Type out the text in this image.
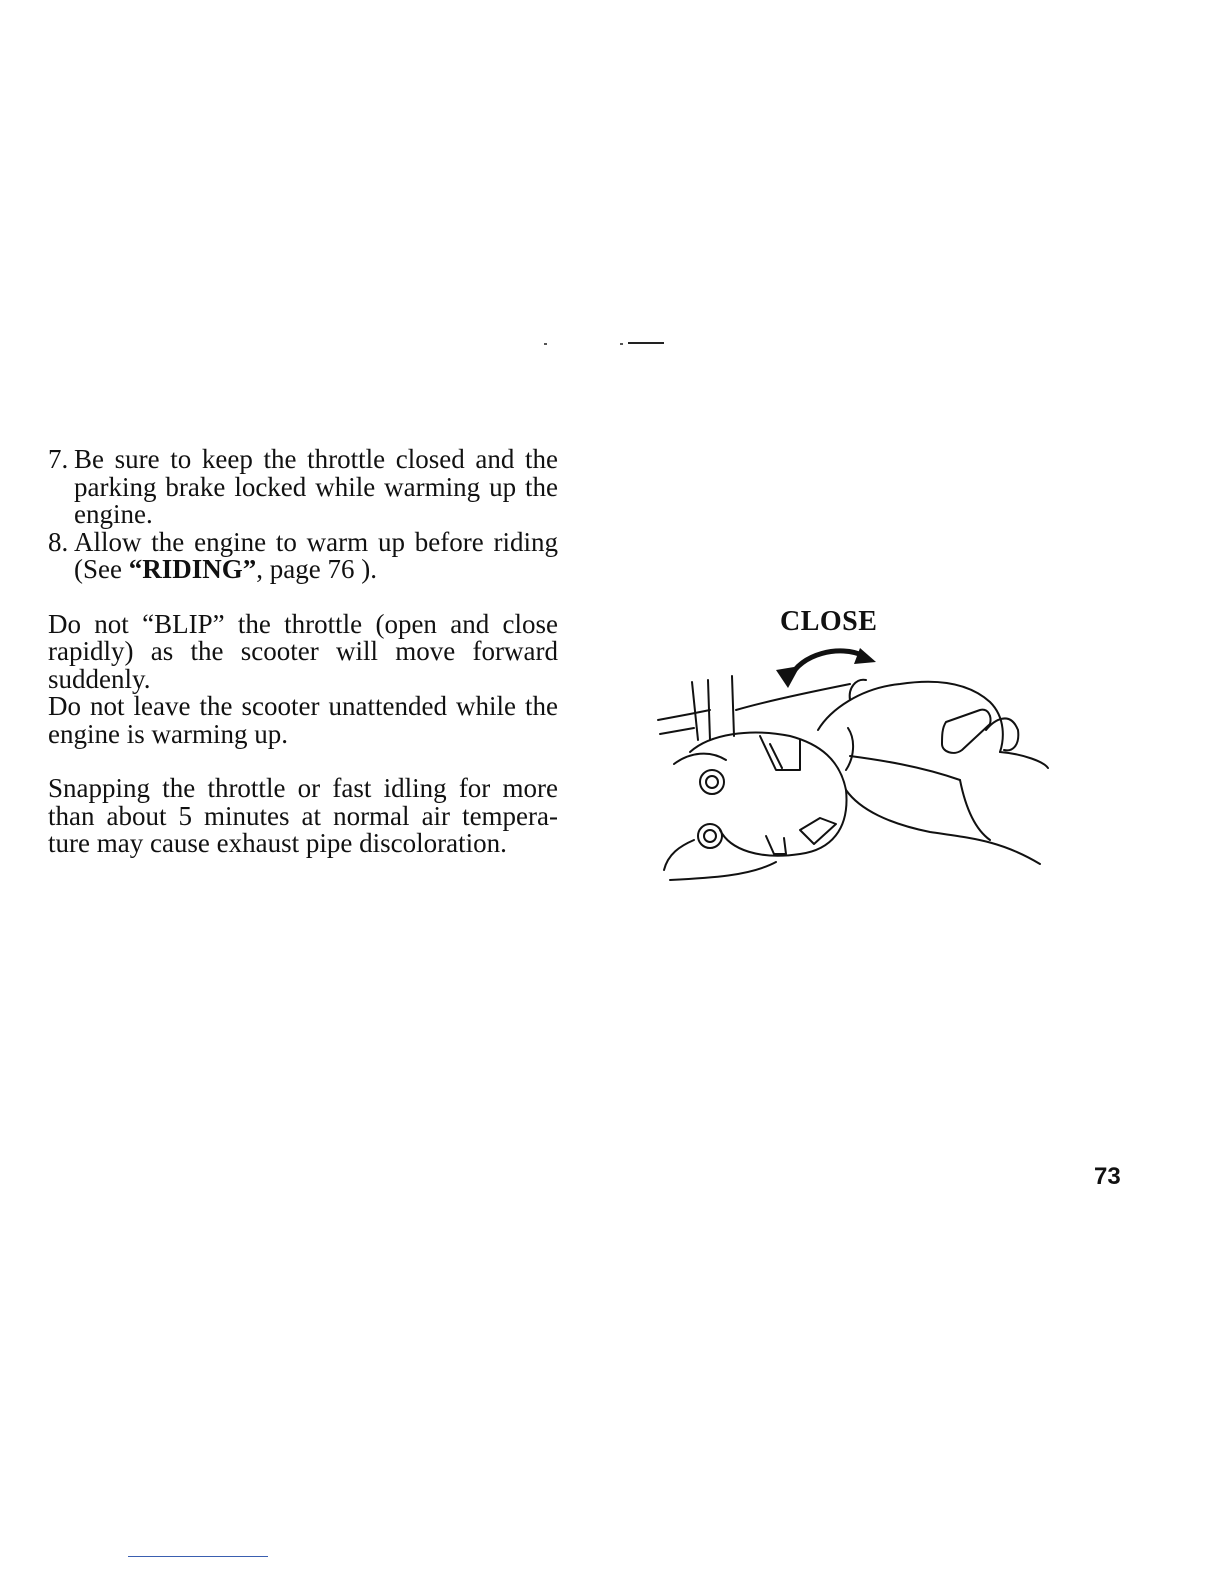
7. Be sure to keep the throttle closed and the parking brake locked while warming up the engine.
8. Allow the engine to warm up before riding (See “RIDING”, page 76 ).
Do not “BLIP” the throttle (open and close rapidly) as the scooter will move forward suddenly.
Do not leave the scooter unattended while the engine is warming up.
Snapping the throttle or fast idling for more than about 5 minutes at normal air tempera-ture may cause exhaust pipe discoloration.
CLOSE
73
